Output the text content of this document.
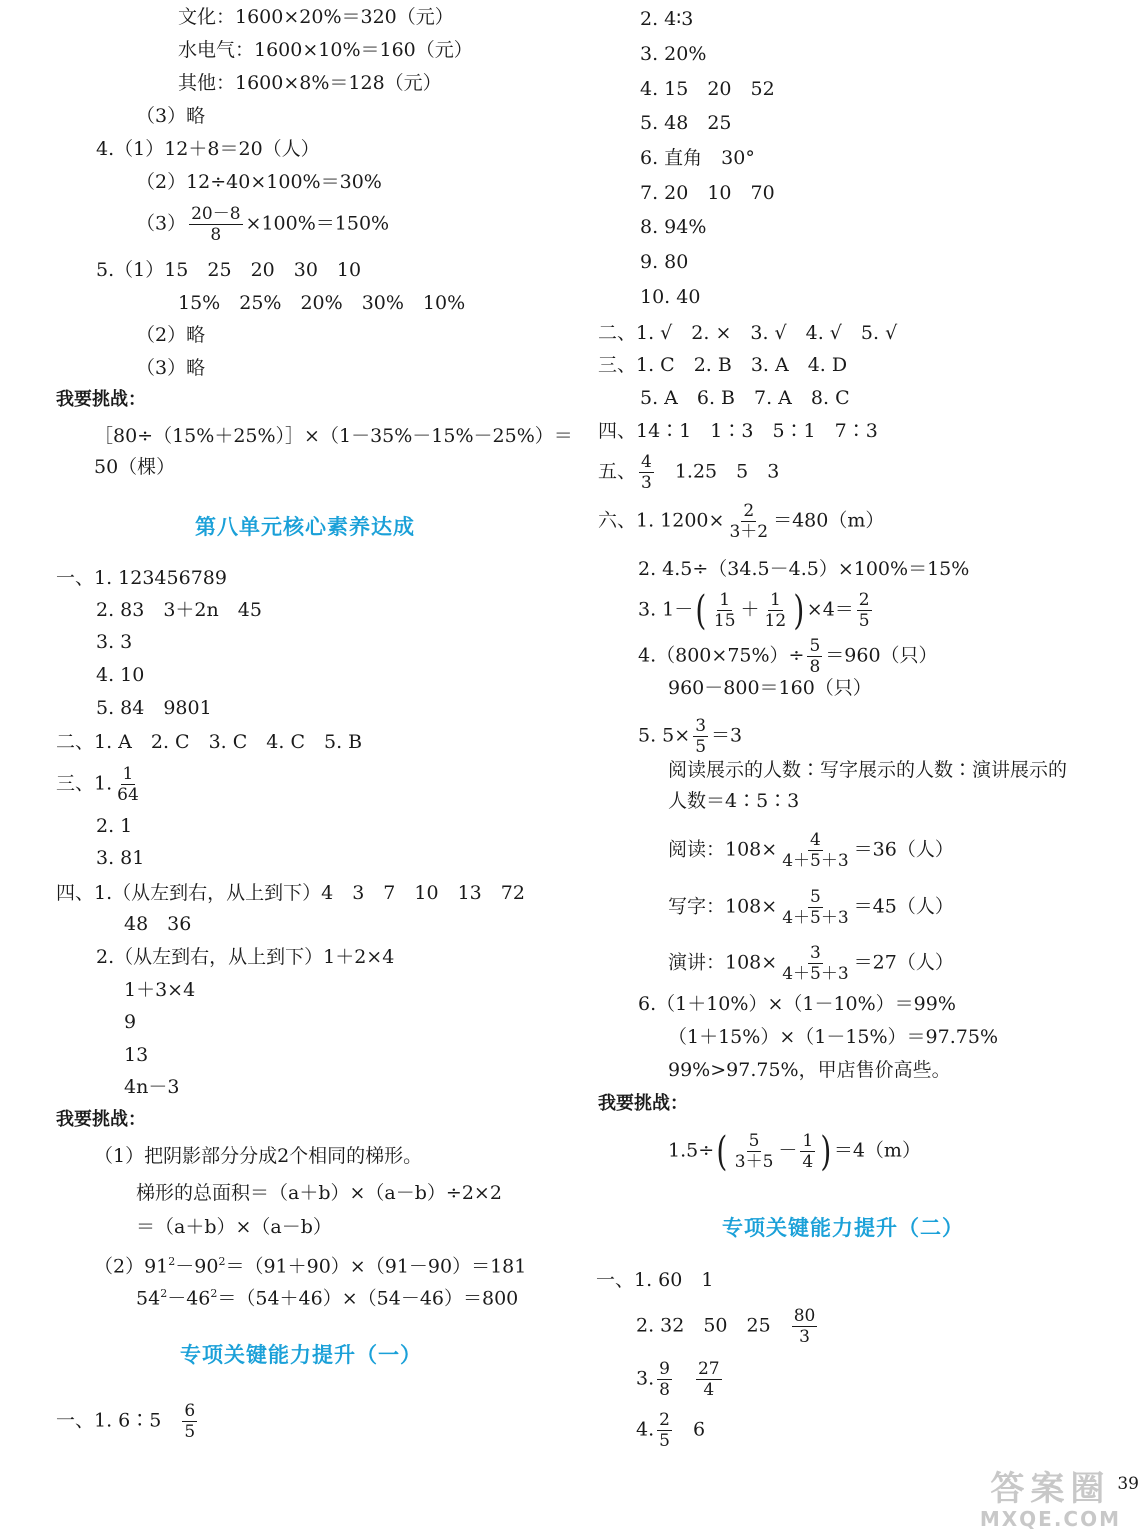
文化：1600×20%＝320（元）
水电气：1600×10%＝160（元）
其他：1600×8%＝128（元）
（3）略
4.（1）12＋8＝20（人）
（2）12÷40×100%＝30%
$(3) \frac{20-8}{8} \times 100\%=150\%$
5.（1）15　25　20　30　10
15%　25%　20%　30%　10%
（2）略
（3）略
我要挑战：
［80÷（15%＋25%）］×（1－35%－15%－25%）＝
50（棵）
第八单元核心素养达成
一、1. 123456789
2. 83　3＋2n　45
3. 3
4. 10
5. 84　9801
二、1. A　2. C　3. C　4. C　5. B
三、1. $\frac{1}{64}$
2. 1
3. 81
四、1.（从左到右，从上到下）4　3　7　10　13　72
48　36
2.（从左到右，从上到下）1＋2×4
1＋3×4
9
13
4n－3
我要挑战：
（1）把阴影部分分成2个相同的梯形。
梯形的总面积＝（a＋b）×（a－b）÷2×2
＝（a＋b）×（a－b）
$(2)91^2-90^2=(91+90)\times(91-90)=181$
$54^2-46^2=(54+46)\times(54-46)=800$
专项关键能力提升（一）
一、1. 6∶5 $\frac{6}{5}$
2. 4∶3
3. 20%
4. 15　20　52
5. 48　25
6. 直角　30°
7. 20　10　70
8. 94%
9. 80
10. 40
二、1. √　2. ×　3. √　4. √　5. √
三、1. C　2. B　3. A　4. D
5. A　6. B　7. A　8. C
四、14∶1　1∶3　5∶1　7∶3
五、 $\frac{4}{3} 1.25$　5　3
六、1. $1200\times \frac{2}{3+2} =480(m)$
2. 4.5÷（34.5－4.5）×100%＝15%
3. $1-( \frac{1}{15} + \frac{1}{12}$ ) $\times 4= \frac{2}{5}$
$4.(800\times 75\%)\div \frac{5}{8} =960$（只）
960－800＝160（只）
5. $5\times \frac{3}{5} =3$
阅读展示的人数∶写字展示的人数∶演讲展示的
人数＝4∶5∶3
阅读：$108\times \frac{4}{4+5+3} =36$（人）
写字：$108\times \frac{5}{4+5+3} =45$（人）
演讲：$108\times \frac{3}{4+5+3} =27$（人）
6.（1＋10%）×（1－10%）＝99%
（1＋15%）×（1－15%）＝97.75%
99%>97.75%，甲店售价高些。
我要挑战：
$1.5\div( \frac{5}{3+5} - \frac{1}{4}$ ) ＝4（m）
专项关键能力提升（二）
一、1. 60　1
2. 32　50　$25 \frac{80}{3}$
3. $\frac{9}{8} \frac{27}{4}$
4. $\frac{2}{5} 6$
答案圈
MXQE.COM
39
